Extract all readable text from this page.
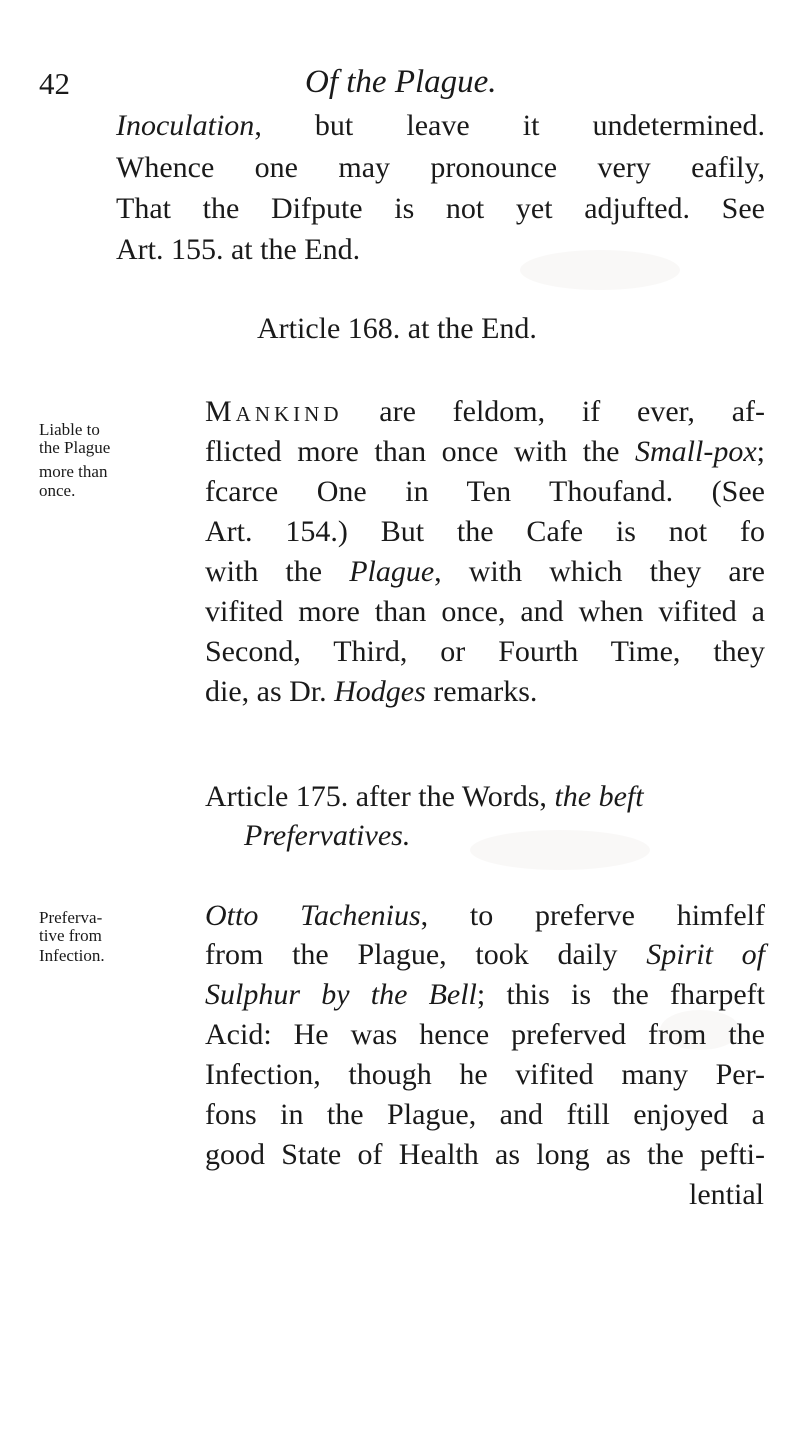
42	Of the Plague.
Inoculation, but leave it undetermined.
Whence one may pronounce very eafily,
That the Difpute is not yet adjufted. See
Art. 155. at the End.
Article 168. at the End.
Mankind are feldom, if ever, af-
flicted more than once with the Small-pox;
fcarce One in Ten Thoufand. (See
Art. 154.) But the Cafe is not fo
with the Plague, with which they are
vifited more than once, and when vifited a
Second, Third, or Fourth Time, they
die, as Dr. Hodges remarks.
Liable to
the Plague
more than
once.
Article 175. after the Words, the beft
Prefervatives.
Otto Tachenius, to preferve himfelf
from the Plague, took daily Spirit of
Sulphur by the Bell; this is the fharpeft
Acid: He was hence preferved from the
Infection, though he vifited many Per-
fons in the Plague, and ftill enjoyed a
good State of Health as long as the pefti-
lential
Preferva-
tive from
Infection.
